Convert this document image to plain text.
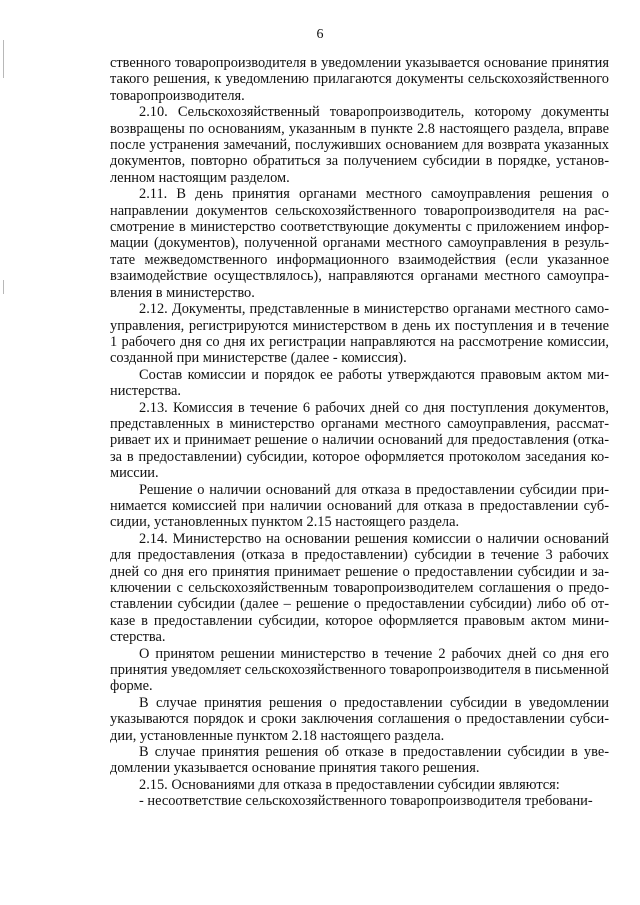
6

ственного товаропроизводителя в уведомлении указывается основание принятия такого решения, к уведомлению прилагаются документы сельскохозяйственного товаропроизводителя.

2.10. Сельскохозяйственный товаропроизводитель, которому документы возвращены по основаниям, указанным в пункте 2.8 настоящего раздела, вправе после устранения замечаний, послуживших основанием для возврата указанных документов, повторно обратиться за получением субсидии в порядке, установленном настоящим разделом.

2.11. В день принятия органами местного самоуправления решения о направлении документов сельскохозяйственного товаропроизводителя на рассмотрение в министерство соответствующие документы с приложением информации (документов), полученной органами местного самоуправления в результате межведомственного информационного взаимодействия (если указанное взаимодействие осуществлялось), направляются органами местного самоуправления в министерство.

2.12. Документы, представленные в министерство органами местного самоуправления, регистрируются министерством в день их поступления и в течение 1 рабочего дня со дня их регистрации направляются на рассмотрение комиссии, созданной при министерстве (далее - комиссия).

Состав комиссии и порядок ее работы утверждаются правовым актом министерства.

2.13. Комиссия в течение 6 рабочих дней со дня поступления документов, представленных в министерство органами местного самоуправления, рассматривает их и принимает решение о наличии оснований для предоставления (отказа в предоставлении) субсидии, которое оформляется протоколом заседания комиссии.

Решение о наличии оснований для отказа в предоставлении субсидии принимается комиссией при наличии оснований для отказа в предоставлении субсидии, установленных пунктом 2.15 настоящего раздела.

2.14. Министерство на основании решения комиссии о наличии оснований для предоставления (отказа в предоставлении) субсидии в течение 3 рабочих дней со дня его принятия принимает решение о предоставлении субсидии и заключении с сельскохозяйственным товаропроизводителем соглашения о предоставлении субсидии (далее – решение о предоставлении субсидии) либо об отказе в предоставлении субсидии, которое оформляется правовым актом министерства.

О принятом решении министерство в течение 2 рабочих дней со дня его принятия уведомляет сельскохозяйственного товаропроизводителя в письменной форме.

В случае принятия решения о предоставлении субсидии в уведомлении указываются порядок и сроки заключения соглашения о предоставлении субсидии, установленные пунктом 2.18 настоящего раздела.

В случае принятия решения об отказе в предоставлении субсидии в уведомлении указывается основание принятия такого решения.

2.15. Основаниями для отказа в предоставлении субсидии являются:

- несоответствие сельскохозяйственного товаропроизводителя требовани-
